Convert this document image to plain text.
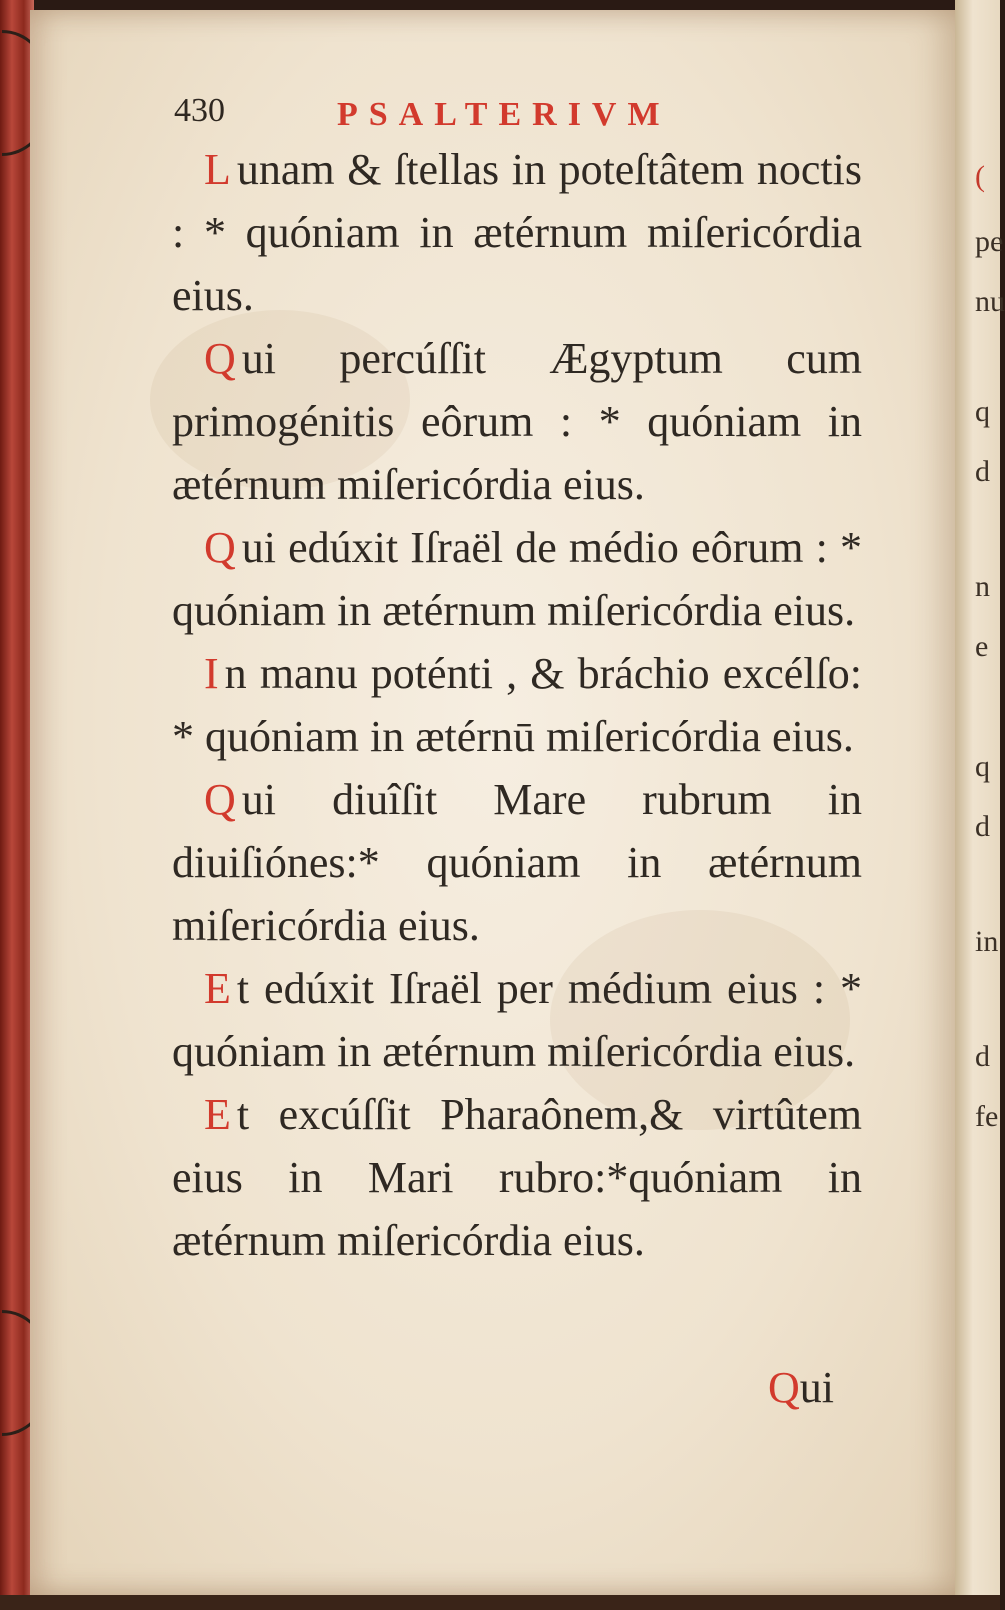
(
pe
nu
q
d
n
e
q
d
in
d
fe
430	PSALTERIVM

L unam & ſtellas in poteſtâtem noctis : * quóniam in ætérnum miſericórdia eius.

Q ui percúſſit Ægyptum cum primogénitis eôrum : * quóniam in ætérnum miſericórdia eius.

Q ui edúxit Iſraël de médio eôrum : * quóniam in ætérnum miſericórdia eius.

I n manu poténti , & bráchio excélſo: * quóniam in ætérnū miſericórdia eius.

Q ui diuîſit Mare rubrum in diuiſiónes:* quóniam in ætérnum miſericórdia eius.

E t edúxit Iſraël per médium eius : * quóniam in ætérnum miſericórdia eius.

E t excúſſit Pharaônem,& virtûtem eius in Mari rubro:*quóniam in ætérnum miſericórdia eius.

Qui
